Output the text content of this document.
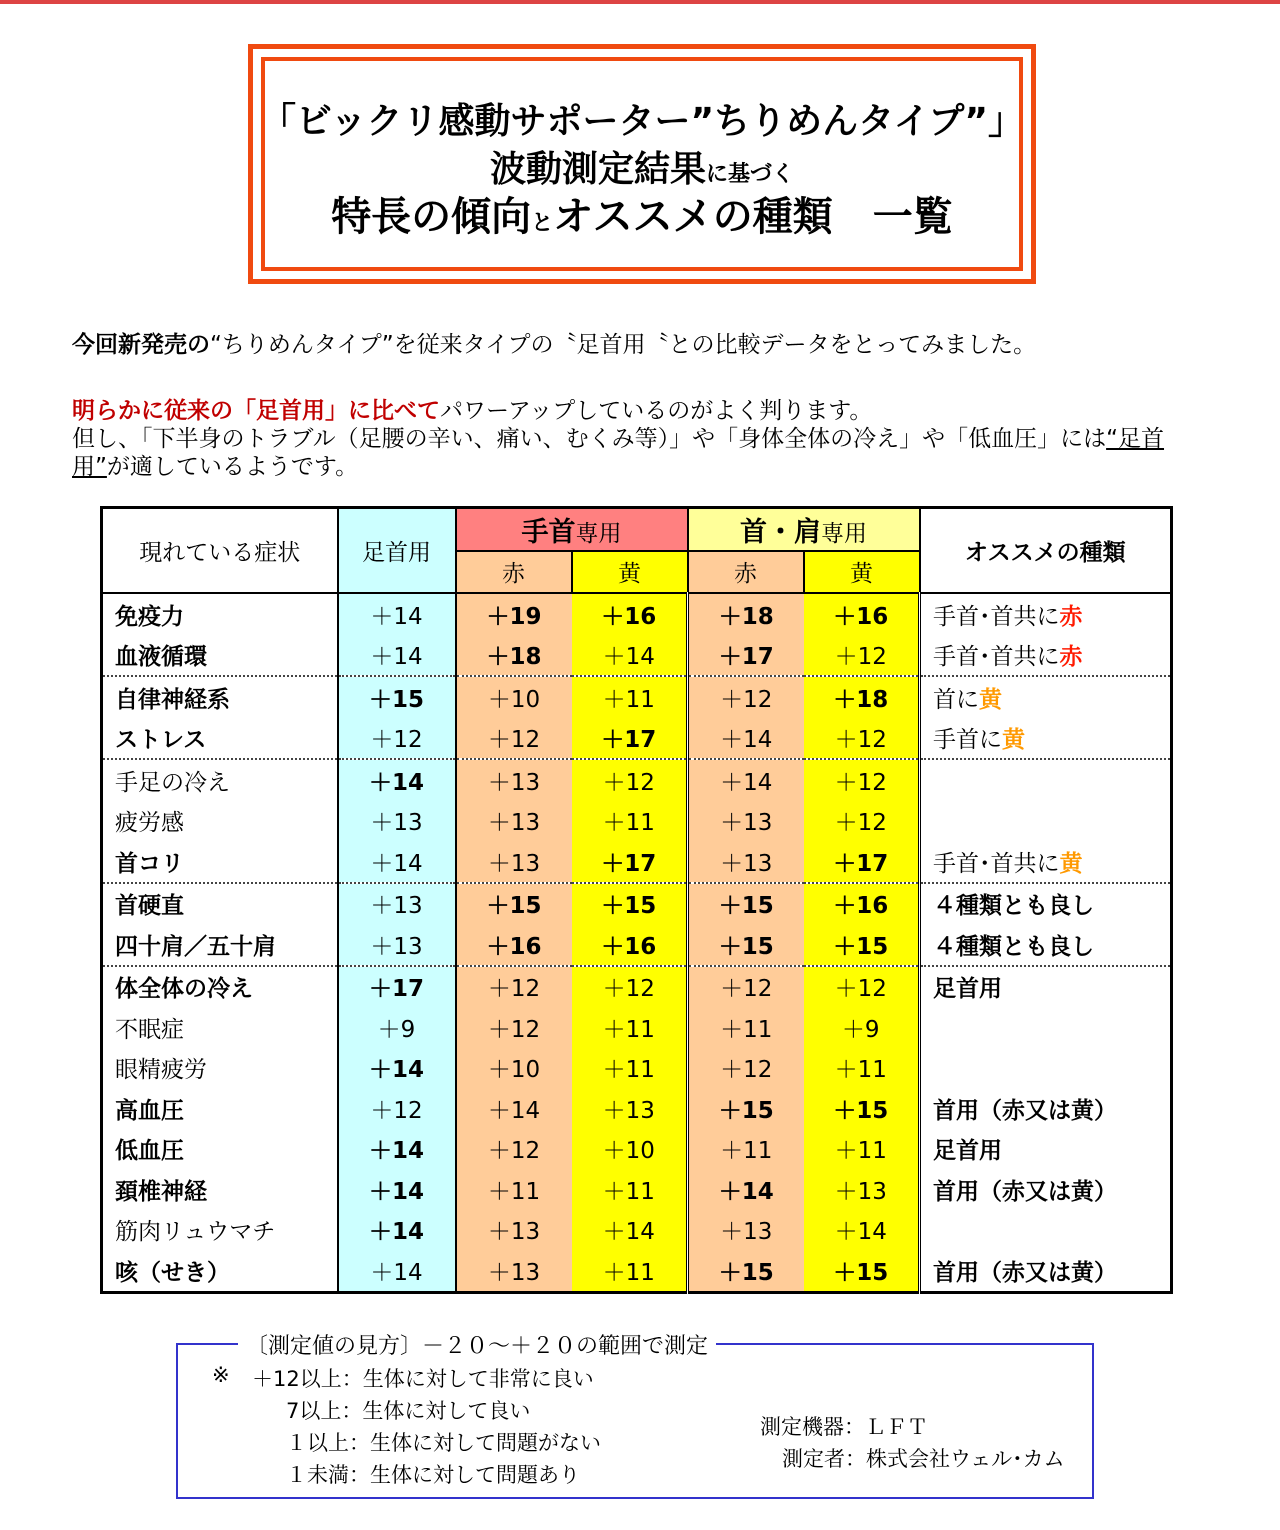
「ビックリ感動サポーター”ちりめんタイプ”」
波動測定結果に基づく
特長の傾向とオススメの種類　一覧
今回新発売の“ちりめんタイプ”を従来タイプの〝足首用〝との比較データをとってみました。
明らかに従来の「足首用」に比べてパワーアップしているのがよく判ります。
但し、「下半身のトラブル（足腰の辛い、痛い、むくみ等）」や「身体全体の冷え」や「低血圧」には“足首
用”が適しているようです。
現れている症状	足首用	手首専用		首・肩専用		オススメの種類
		赤	黄	赤	黄	
免疫力	＋14	＋19	＋16	＋18	＋16	手首･首共に赤
血液循環	＋14	＋18	＋14	＋17	＋12	手首･首共に赤
自律神経系	＋15	＋10	＋11	＋12	＋18	首に黄
ストレス	＋12	＋12	＋17	＋14	＋12	手首に黄
手足の冷え	＋14	＋13	＋12	＋14	＋12	
疲労感	＋13	＋13	＋11	＋13	＋12	
首コリ	＋14	＋13	＋17	＋13	＋17	手首･首共に黄
首硬直	＋13	＋15	＋15	＋15	＋16	４種類とも良し
四十肩／五十肩	＋13	＋16	＋16	＋15	＋15	４種類とも良し
体全体の冷え	＋17	＋12	＋12	＋12	＋12	足首用
不眠症	＋9	＋12	＋11	＋11	＋9	
眼精疲労	＋14	＋10	＋11	＋12	＋11	
高血圧	＋12	＋14	＋13	＋15	＋15	首用（赤又は黄）
低血圧	＋14	＋12	＋10	＋11	＋11	足首用
頚椎神経	＋14	＋11	＋11	＋14	＋13	首用（赤又は黄）
筋肉リュウマチ	＋14	＋13	＋14	＋13	＋14	
咳（せき）	＋14	＋13	＋11	＋15	＋15	首用（赤又は黄）
〔測定値の見方〕－２０～＋２０の範囲で測定
※ ＋12以上：生体に対して非常に良い
7以上：生体に対して良い
１以上：生体に対して問題がない
１未満：生体に対して問題あり
測定機器：ＬＦＴ
測定者：株式会社ウェル･カム
